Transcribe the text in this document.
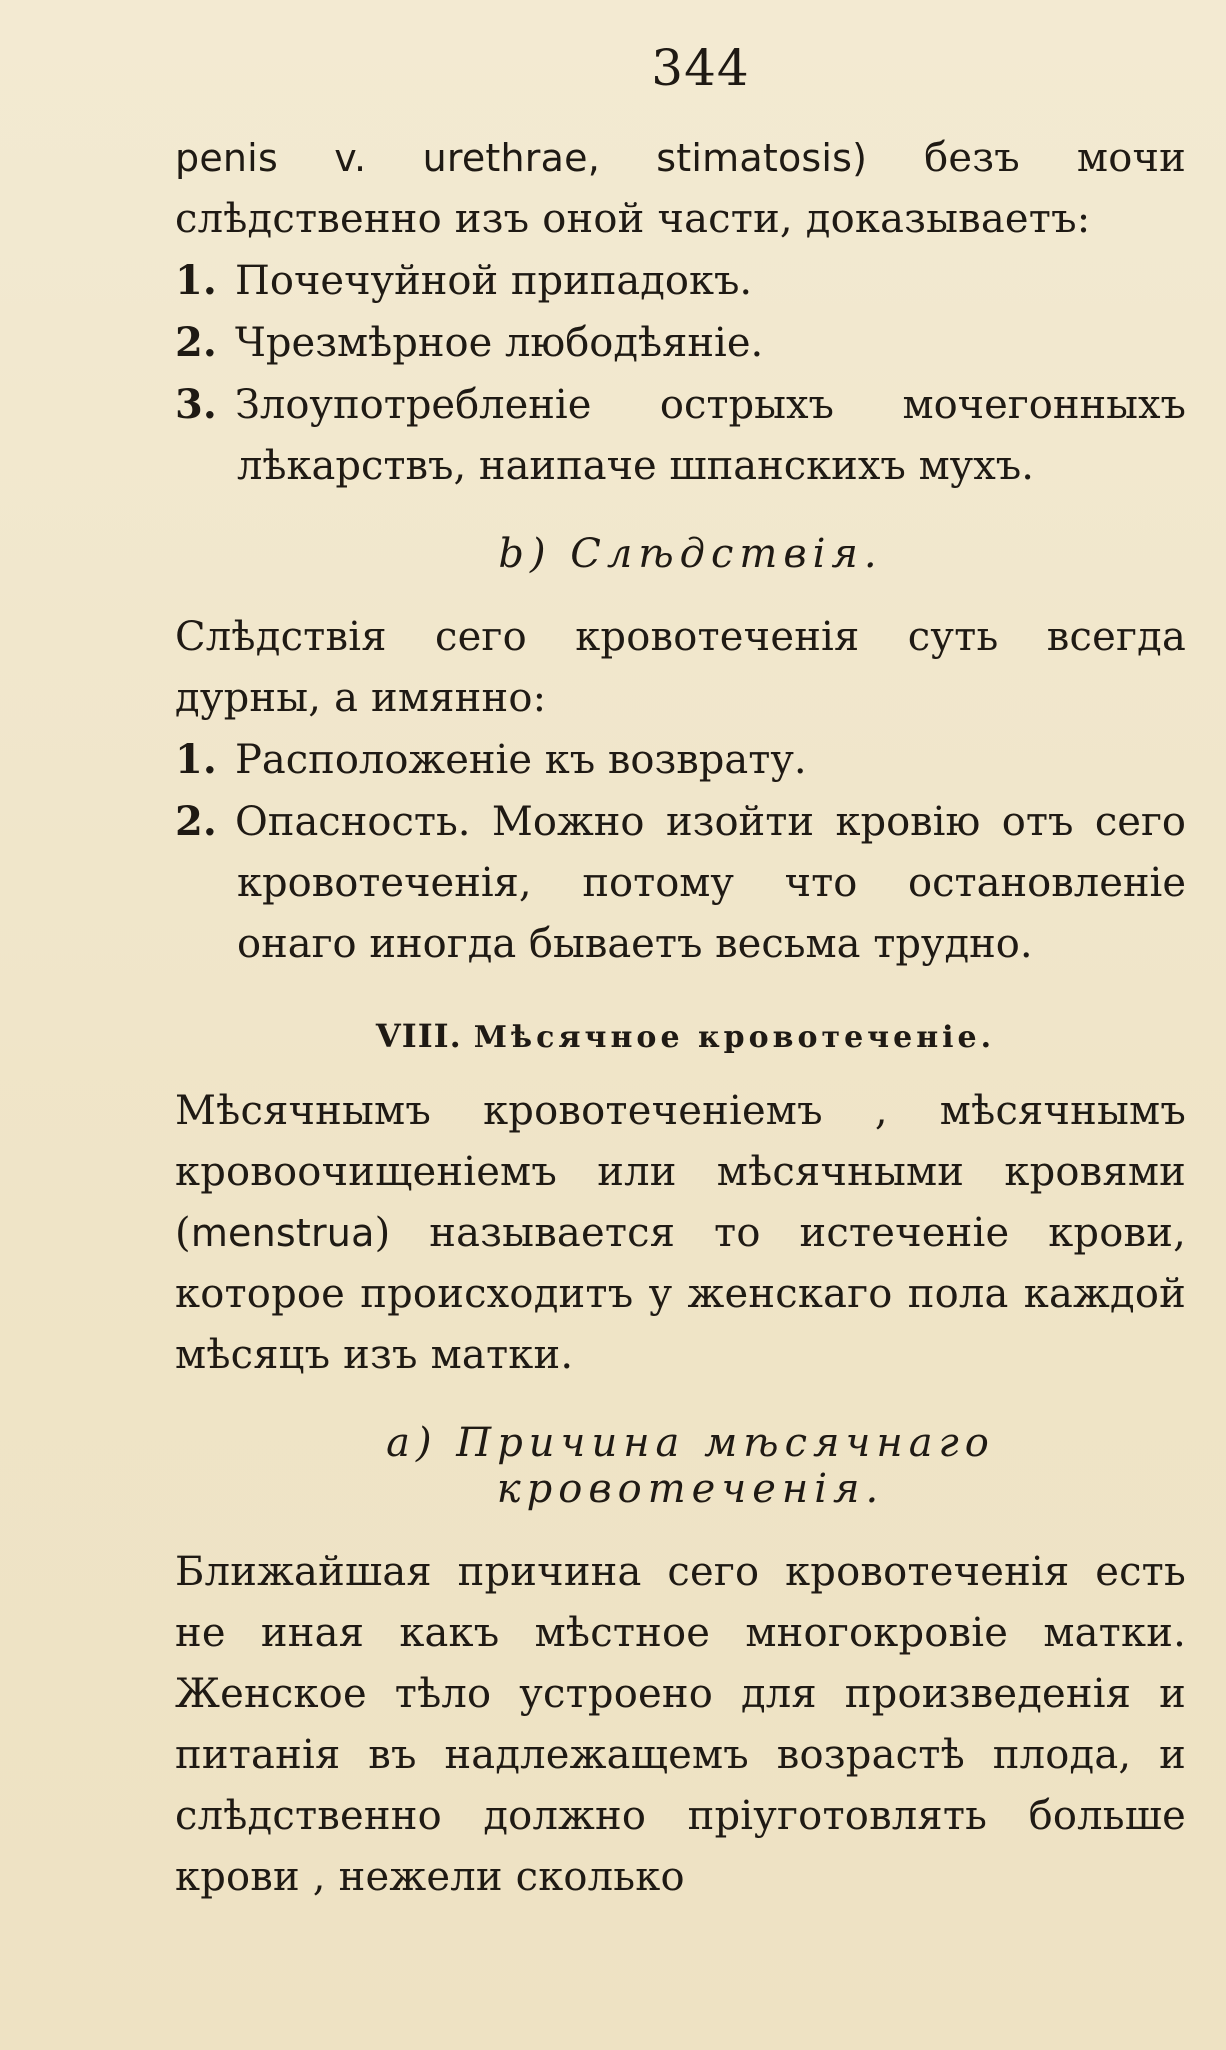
344

penis v. urethrae, stimatosis) безъ мочи слѣдственно изъ оной части, доказываетъ:

1. Почечуйной припадокъ.
2. Чрезмѣрное любодѣяніе.
3. Злоупотребленіе острыхъ мочегонныхъ лѣкарствъ, наипаче шпанскихъ мухъ.
b) Слѣдствія.

Слѣдствія сего кровотеченія суть всегда дурны, а имянно:

1. Расположеніе къ возврату.
2. Опасность. Можно изойти кровію отъ сего кровотеченія, потому что остановленіе онаго иногда бываетъ весьма трудно.
VIII. Мѣсячное кровотеченіе.

Мѣсячнымъ кровотеченіемъ , мѣсячнымъ кровоочищеніемъ или мѣсячными кровями (menstrua) называется то истеченіе крови, которое происходитъ у женскаго пола каждой мѣсяцъ изъ матки.

a) Причина мѣсячнаго кровотеченія.

Ближайшая причина сего кровотеченія есть не иная какъ мѣстное многокровіе матки. Женское тѣло устроено для произведенія и питанія въ надлежащемъ возрастѣ плода, и слѣдственно должно пріуготовлять больше крови , нежели сколько
